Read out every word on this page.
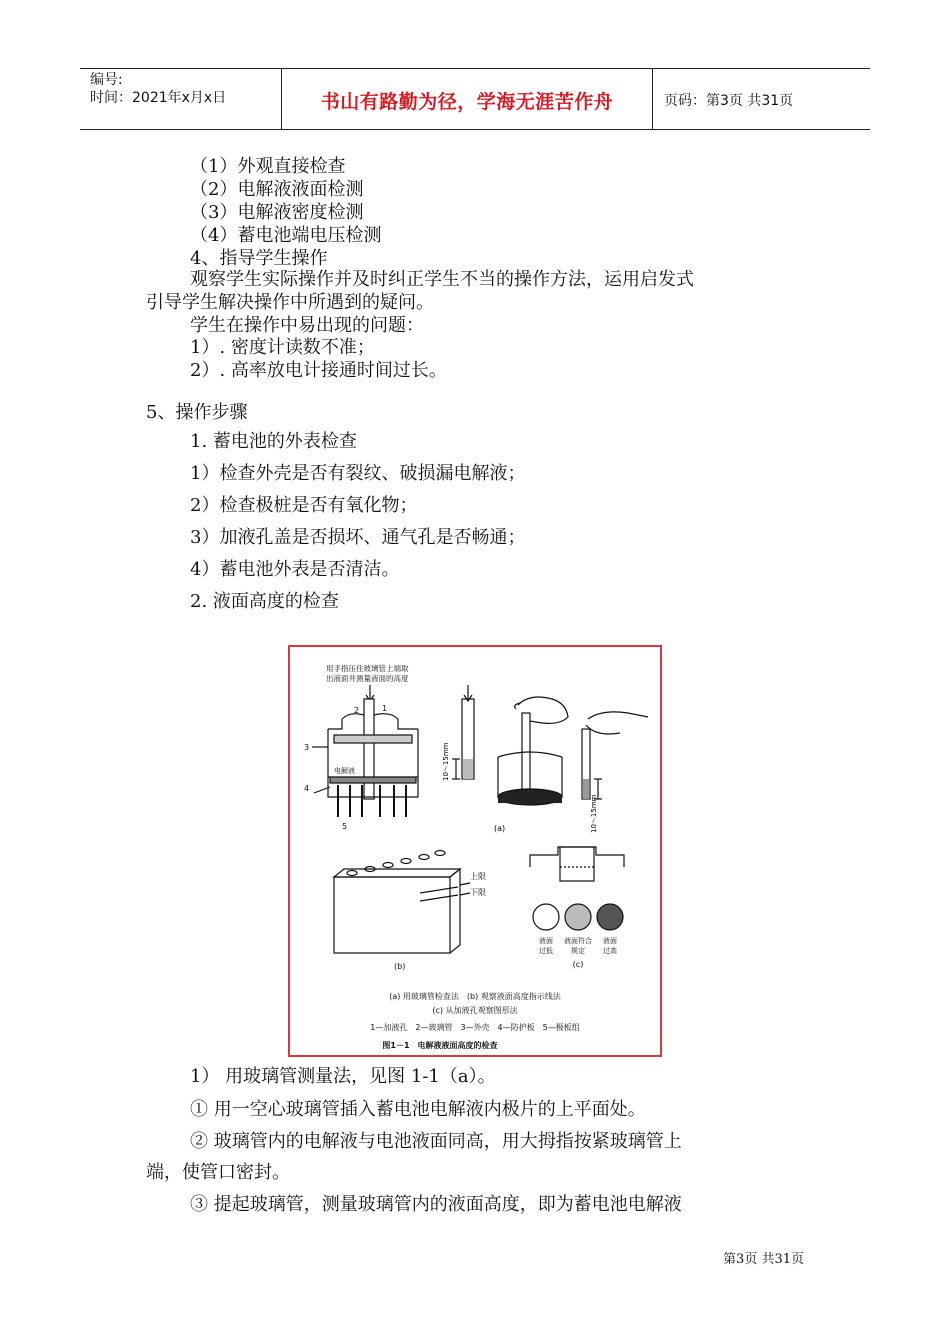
编号:
时间：2021年x月x日	书山有路勤为径，学海无涯苦作舟	页码：第3页 共31页
（1）外观直接检查
（2）电解液液面检测
（3）电解液密度检测
（4）蓄电池端电压检测
4、指导学生操作
观察学生实际操作并及时纠正学生不当的操作方法，运用启发式
引导学生解决操作中所遇到的疑问。
学生在操作中易出现的问题：
1）. 密度计读数不准；
2）. 高率放电计接通时间过长。
5、操作步骤
1. 蓄电池的外表检查
1）检查外壳是否有裂纹、破损漏电解液；
2）检查极桩是否有氧化物；
3）加液孔盖是否损坏、通气孔是否畅通；
4）蓄电池外表是否清洁。
2. 液面高度的检查
用手指压住玻璃管上端取
出液面并测量液面的高度
2	1
3
4
5
电解液	10～15mm
10～15mm
(a)
上限
下限
(b)
液面
过低
液面符合
规定
液面
过高
(c)
(a) 用玻璃管检查法　(b) 观察液面高度指示线法
(c) 从加液孔观察图形法
1—加液孔　2—玻璃管　3—外壳　4—防护板　5—极板组
图1－1　电解液液面高度的检查
1） 用玻璃管测量法，见图 1-1（a）。
① 用一空心玻璃管插入蓄电池电解液内极片的上平面处。
② 玻璃管内的电解液与电池液面同高，用大拇指按紧玻璃管上
端，使管口密封。
③ 提起玻璃管，测量玻璃管内的液面高度，即为蓄电池电解液
第3页 共31页
